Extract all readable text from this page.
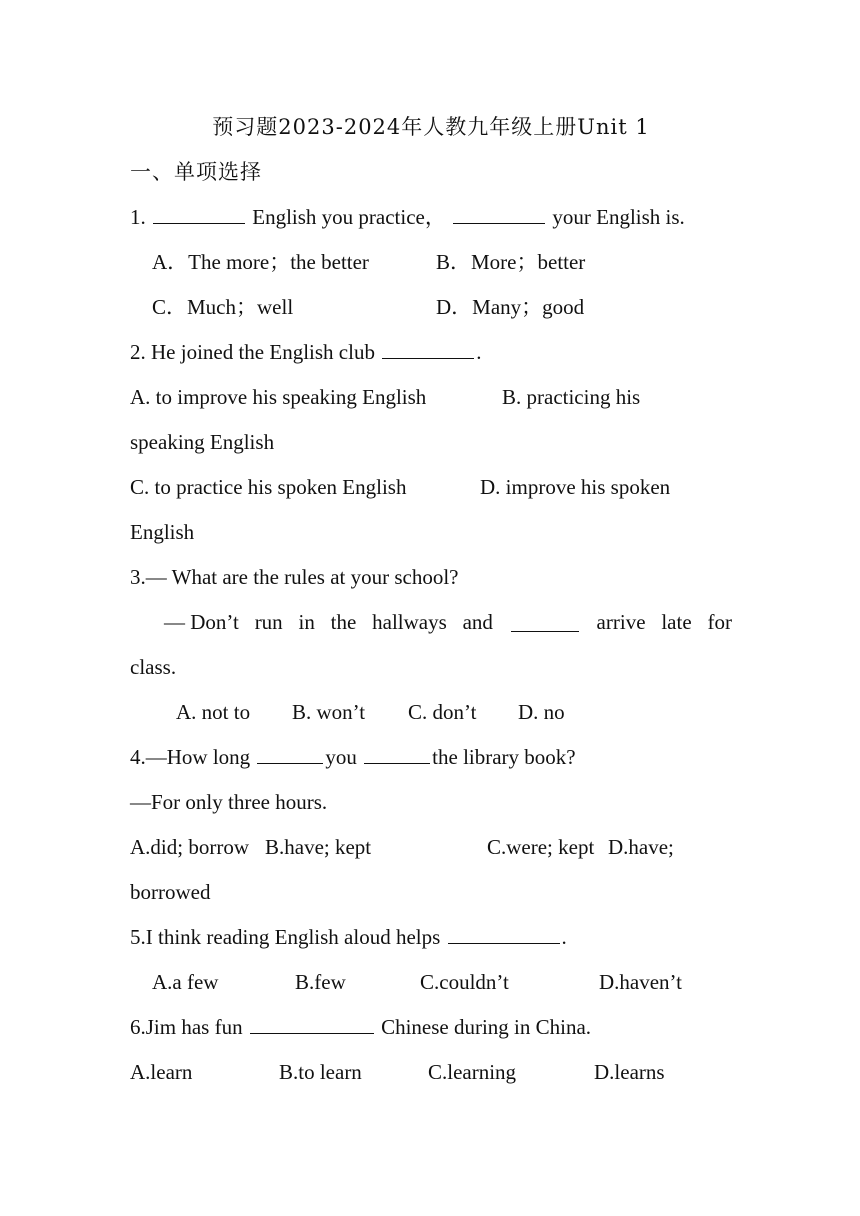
预习题2023-2024年人教九年级上册Unit 1
一、单项选择
1.	English you practice，	your English is.
A．The more；the better	B．More；better
C．Much；well	D．Many；good
2. He joined the English club	.
A. to improve his speaking English	B. practicing his
speaking English
C. to practice his spoken English	D. improve his spoken
English
3.— What are the rules at your school?
— Don’t run in the hallways and	arrive late for
class.
A. not to B. won’t C. don’t D. no
4.—How long	you	the library book?
—For only three hours.
A.did; borrow B.have; kept	C.were; kept D.have;
borrowed
5.I think reading English aloud helps	.
A.a few	B.few	C.couldn’t	D.haven’t
6.Jim has fun	Chinese during in China.
A.learn	B.to learn	C.learning	D.learns
